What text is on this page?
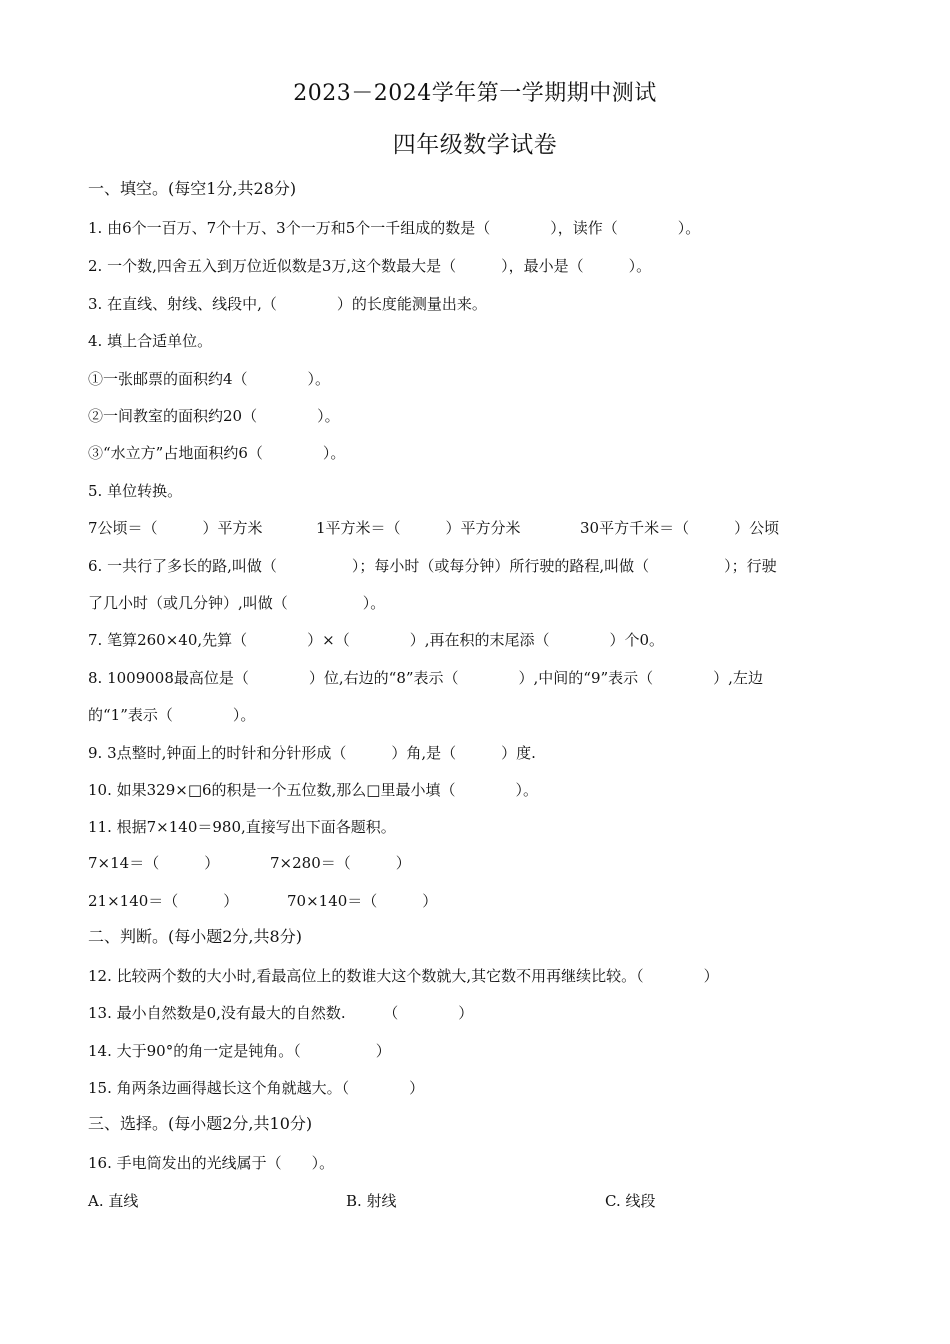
2023－2024学年第一学期期中测试
四年级数学试卷
一、填空。(每空1分,共28分)
1. 由6个一百万、7个十万、3个一万和5个一千组成的数是（　　　　），读作（　　　　）。
2. 一个数,四舍五入到万位近似数是3万,这个数最大是（　　　），最小是（　　　）。
3. 在直线、射线、线段中,（　　　　）的长度能测量出来。
4. 填上合适单位。
①一张邮票的面积约4（　　　　）。
②一间教室的面积约20（　　　　）。
③“水立方”占地面积约6（　　　　）。
5. 单位转换。
7公顷＝（　　　）平方米	1平方米＝（　　　）平方分米	30平方千米＝（　　　）公顷
6. 一共行了多长的路,叫做（　　　　　）；每小时（或每分钟）所行驶的路程,叫做（　　　　　）；行驶
了几小时（或几分钟）,叫做（　　　　　）。
7. 笔算260×40,先算（　　　　）×（　　　　）,再在积的末尾添（　　　　）个0。
8. 1009008最高位是（　　　　）位,右边的“8”表示（　　　　）,中间的“9”表示（　　　　）,左边
的“1”表示（　　　　）。
9. 3点整时,钟面上的时针和分针形成（　　　）角,是（　　　）度.
10. 如果329×□6的积是一个五位数,那么□里最小填（　　　　）。
11. 根据7×140＝980,直接写出下面各题积。
7×14＝（　　　）	7×280＝（　　　）
21×140＝（　　　）	70×140＝（　　　）
二、判断。(每小题2分,共8分)
12. 比较两个数的大小时,看最高位上的数谁大这个数就大,其它数不用再继续比较。（　　　　）
13. 最小自然数是0,没有最大的自然数.　　　（　　　　）
14. 大于90°的角一定是钝角。（　　　　　）
15. 角两条边画得越长这个角就越大。（　　　　）
三、选择。(每小题2分,共10分)
16. 手电筒发出的光线属于（　　）。
A. 直线	B. 射线	C. 线段
